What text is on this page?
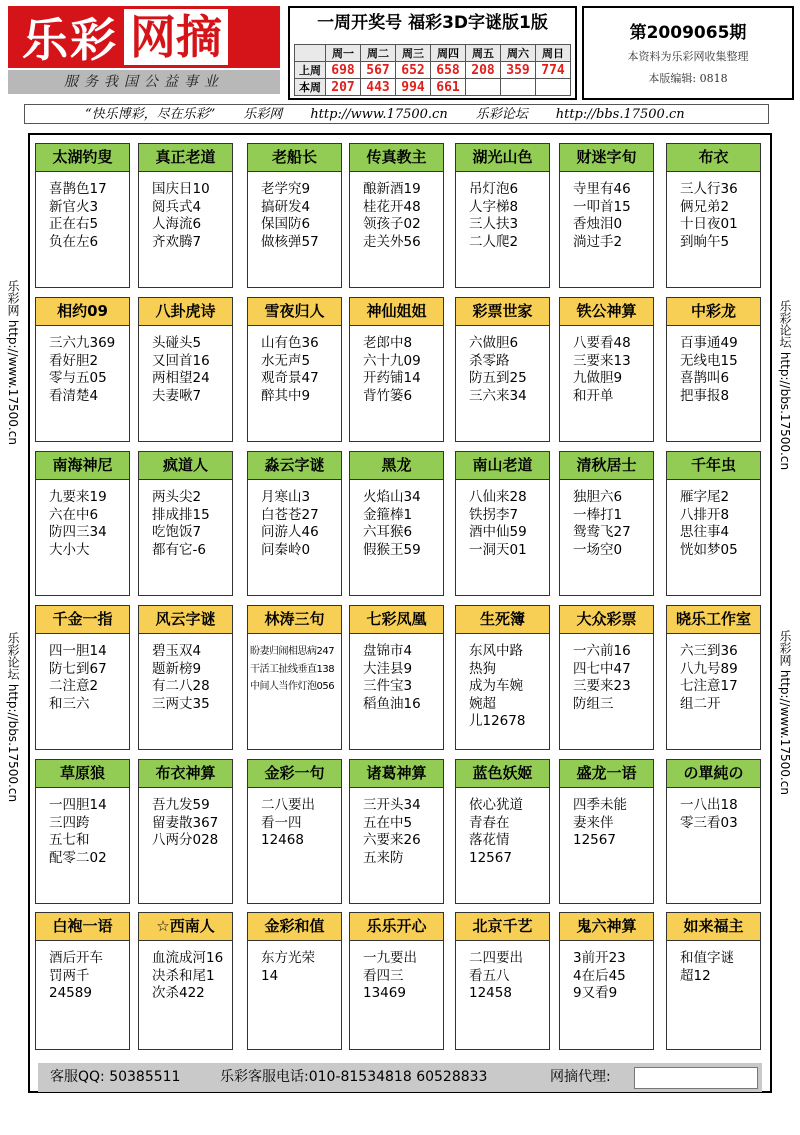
乐彩 网摘
服务我国公益事业
一周开奖号 福彩3D字谜版1版
	周一	周二	周三	周四	周五	周六	周日
上周	698	567	652	658	208	359	774
本周	207	443	994	661			
第2009065期
本资料为乐彩网收集整理
本版编辑: 0818
“快乐博彩，尽在乐彩” 乐彩网 http://www.17500.cn 乐彩论坛 http://bbs.17500.cn
乐彩网 http://www.17500.cn
乐彩论坛 http://bbs.17500.cn
乐彩论坛 http://bbs.17500.cn
乐彩网 http://www.17500.cn
太湖钓叟
喜鹊色17
新官火3
正在右5
负在左6
真正老道
国庆日10
阅兵式4
人海流6
齐欢腾7
老船长
老学究9
搞研发4
保国防6
做核弹57
传真教主
酿新酒19
桂花开48
领孩子02
走关外56
湖光山色
吊灯泡6
人字梯8
三人扶3
二人爬2
财迷字旬
寺里有46
一叩首15
香烛泪0
淌过手2
布衣
三人行36
俩兄弟2
十日夜01
到晌午5
相约09
三六九369
看好胆2
零与五05
看清楚4
八卦虎诗
头碰头5
又回首16
两相望24
夫妻啾7
雪夜归人
山有色36
水无声5
观奇景47
醉其中9
神仙姐姐
老郎中8
六十九09
开药铺14
背竹篓6
彩票世家
六做胆6
杀零路
防五到25
三六来34
铁公神算
八要看48
三要来13
九做胆9
和开单
中彩龙
百事通49
无线电15
喜鹊叫6
把事报8
南海神尼
九要来19
六在中6
防四三34
大小大
疯道人
两头尖2
排成排15
吃饱饭7
都有它-6
淼云字谜
月寒山3
白苍苍27
问游人46
问秦岭0
黑龙
火焰山34
金箍棒1
六耳猴6
假猴王59
南山老道
八仙来28
铁拐李7
酒中仙59
一洞天01
清秋居士
独胆六6
一棒打1
鸳鸯飞27
一场空0
千年虫
雁字尾2
八排开8
思往事4
恍如梦05
千金一指
四一胆14
防七到67
二注意2
和三六
风云字谜
碧玉双4
题新榜9
有二八28
三两丈35
林涛三句
盼妻归闹相思病247
干活工扯线垂直138
中间人当作灯泡056
七彩凤凰
盘锦市4
大洼县9
三件宝3
稻鱼油16
生死簿
东风中路
热狗
成为车婉
婉超
儿12678
大众彩票
一六前16
四七中47
三要来23
防组三
晓乐工作室
六三到36
八九号89
七注意17
组二开
草原狼
一四胆14
三四跨
五七和
配零二02
布衣神算
吾九发59
留妻散367
八两分028
金彩一句
二八要出
看一四
12468
诸葛神算
三开头34
五在中5
六要来26
五来防
蓝色妖姬
依心犹道
青春在
落花情
12567
盛龙一语
四季未能
妻来伴
12567
の單純の
一八出18
零三看03
白袍一语
酒后开车
罚两千
24589
☆西南人
血流成河16
决杀和尾1
次杀422
金彩和值
东方光荣
14
乐乐开心
一九要出
看四三
13469
北京千艺
二四要出
看五八
12458
鬼六神算
3前开23
4在后45
9又看9
如来福主
和值字谜
超12
客服QQ: 50385511	乐彩客服电话:010-81534818 60528833	网摘代理:
